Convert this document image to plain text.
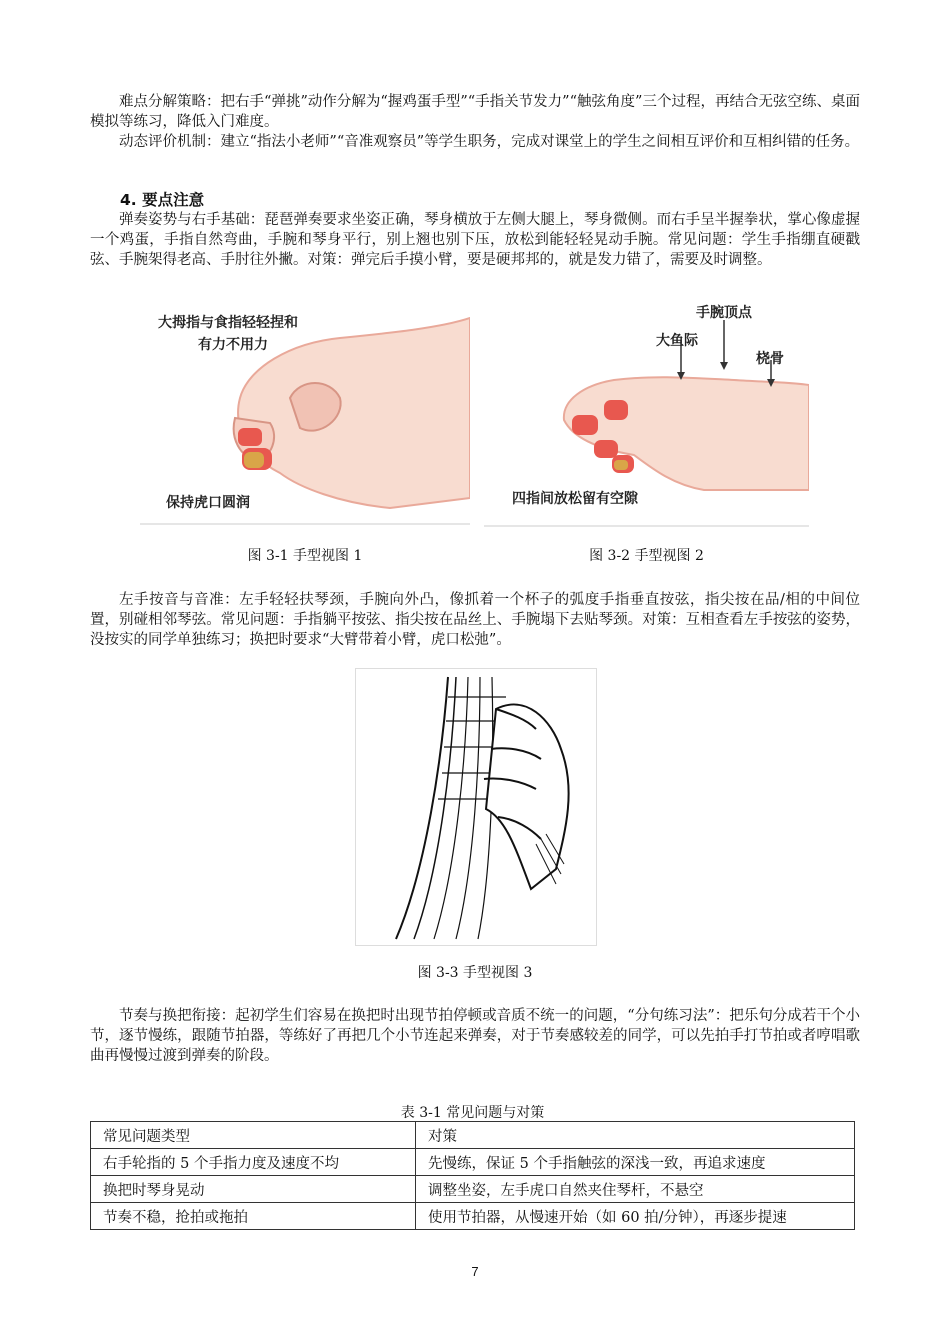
难点分解策略：把右手“弹挑”动作分解为“握鸡蛋手型”“手指关节发力”“触弦角度”三个过程，再结合无弦空练、桌面模拟等练习，降低入门难度。

动态评价机制：建立“指法小老师”“音准观察员”等学生职务，完成对课堂上的学生之间相互评价和互相纠错的任务。

4. 要点注意

弹奏姿势与右手基础：琵琶弹奏要求坐姿正确，琴身横放于左侧大腿上，琴身微侧。而右手呈半握拳状，掌心像虚握一个鸡蛋，手指自然弯曲，手腕和琴身平行，别上翘也别下压，放松到能轻轻晃动手腕。常见问题：学生手指绷直硬戳弦、手腕架得老高、手肘往外撇。对策：弹完后手摸小臂，要是硬邦邦的，就是发力错了，需要及时调整。

大拇指与食指轻轻捏和
有力不用力
保持虎口圆润
图 3-1 手型视图 1
手腕顶点
大鱼际
桡骨
四指间放松留有空隙
图 3-2 手型视图 2

左手按音与音准：左手轻轻扶琴颈，手腕向外凸，像抓着一个杯子的弧度手指垂直按弦，指尖按在品/相的中间位置，别碰相邻琴弦。常见问题：手指躺平按弦、指尖按在品丝上、手腕塌下去贴琴颈。对策：互相查看左手按弦的姿势，没按实的同学单独练习；换把时要求“大臂带着小臂，虎口松弛”。

图 3-3 手型视图 3

节奏与换把衔接：起初学生们容易在换把时出现节拍停顿或音质不统一的问题，“分句练习法”：把乐句分成若干个小节，逐节慢练，跟随节拍器，等练好了再把几个小节连起来弹奏，对于节奏感较差的同学，可以先拍手打节拍或者哼唱歌曲再慢慢过渡到弹奏的阶段。

表 3-1 常见问题与对策
常见问题类型	对策
右手轮指的 5 个手指力度及速度不均	先慢练，保证 5 个手指触弦的深浅一致，再追求速度
换把时琴身晃动	调整坐姿，左手虎口自然夹住琴杆，不悬空
节奏不稳，抢拍或拖拍	使用节拍器，从慢速开始（如 60 拍/分钟），再逐步提速
7
